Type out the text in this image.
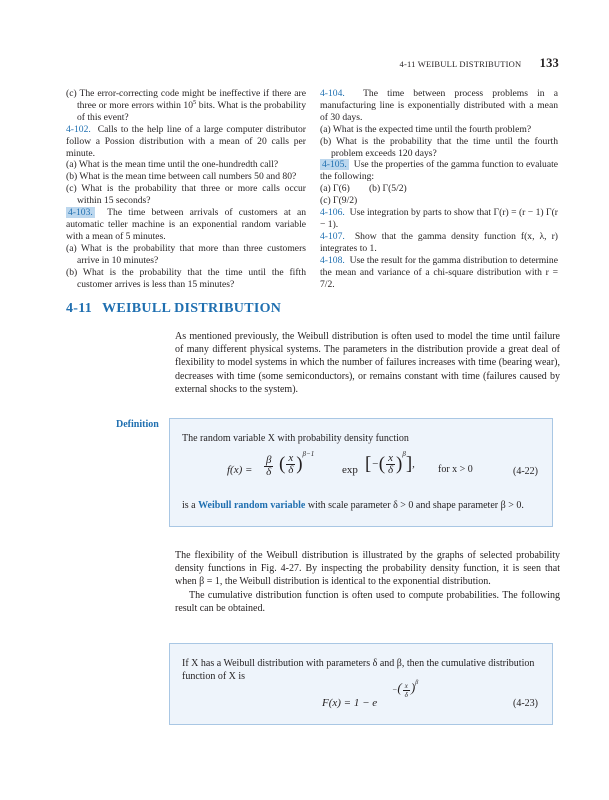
4-11 WEIBULL DISTRIBUTION 133

(c) The error-correcting code might be ineffective if there are three or more errors within $10^5$ bits. What is the probability of this event?

4-102. Calls to the help line of a large computer distributor follow a Possion distribution with a mean of 20 calls per minute.

(a) What is the mean time until the one-hundredth call?

(b) What is the mean time between call numbers 50 and 80?

(c) What is the probability that three or more calls occur within 15 seconds?

4-103. The time between arrivals of customers at an automatic teller machine is an exponential random variable with a mean of 5 minutes.

(a) What is the probability that more than three customers arrive in 10 minutes?

(b) What is the probability that the time until the fifth customer arrives is less than 15 minutes?

4-104. The time between process problems in a manufacturing line is exponentially distributed with a mean of 30 days.

(a) What is the expected time until the fourth problem?

(b) What is the probability that the time until the fourth problem exceeds 120 days?

4-105. Use the properties of the gamma function to evaluate the following:

(a) Γ(6)        (b) Γ(5/2)

(c) Γ(9/2)

4-106. Use integration by parts to show that Γ(r) = (r − 1) Γ(r − 1).

4-107. Show that the gamma density function f(x, λ, r) integrates to 1.

4-108. Use the result for the gamma distribution to determine the mean and variance of a chi-square distribution with r = 7/2.

4-11 WEIBULL DISTRIBUTION

As mentioned previously, the Weibull distribution is often used to model the time until failure of many different physical systems. The parameters in the distribution provide a great deal of flexibility to model systems in which the number of failures increases with time (bearing wear), decreases with time (some semiconductors), or remains constant with time (failures caused by external shocks to the system).

Definition

The random variable X with probability density function

$f(x) = \frac{\beta}{\delta}$ ( $\frac{x}{\delta} )^{\beta-1}$
exp [−( $\frac{x}{\delta} )^\beta$], for x > 0	(4-22)

is a Weibull random variable with scale parameter δ > 0 and shape parameter β > 0.

The flexibility of the Weibull distribution is illustrated by the graphs of selected probability density functions in Fig. 4-27. By inspecting the probability density function, it is seen that when β = 1, the Weibull distribution is identical to the exponential distribution.

The cumulative distribution function is often used to compute probabilities. The following result can be obtained.

If X has a Weibull distribution with parameters δ and β, then the cumulative distribution function of X is

F(x) = 1 − e
−( $\frac{x}{\delta} )^\beta$
(4-23)
